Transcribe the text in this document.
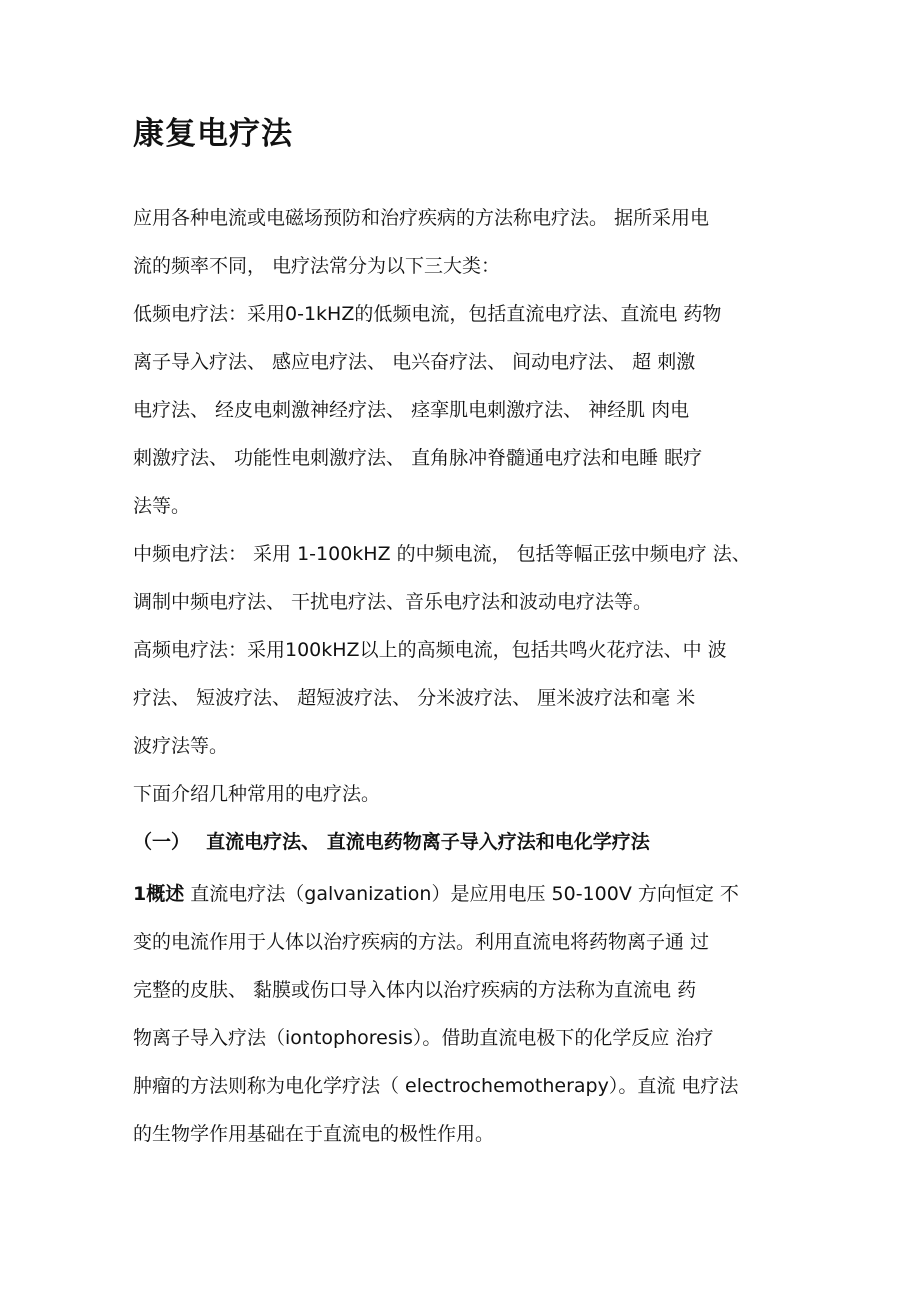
康复电疗法
应用各种电流或电磁场预防和治疗疾病的方法称电疗法。 据所采用电
流的频率不同， 电疗法常分为以下三大类：
低频电疗法：采用0-1kHZ的低频电流，包括直流电疗法、直流电 药物
离子导入疗法、 感应电疗法、 电兴奋疗法、 间动电疗法、 超 刺激
电疗法、 经皮电刺激神经疗法、 痉挛肌电刺激疗法、 神经肌 肉电
刺激疗法、 功能性电刺激疗法、 直角脉冲脊髓通电疗法和电睡 眠疗
法等。
中频电疗法： 采用 1-100kHZ 的中频电流， 包括等幅正弦中频电疗 法、
调制中频电疗法、 干扰电疗法、音乐电疗法和波动电疗法等。
高频电疗法：采用100kHZ以上的高频电流，包括共鸣火花疗法、中 波
疗法、 短波疗法、 超短波疗法、 分米波疗法、 厘米波疗法和毫 米
波疗法等。
下面介绍几种常用的电疗法。
（一）　 直流电疗法、 直流电药物离子导入疗法和电化学疗法
1概述 直流电疗法（galvanization）是应用电压 50-100V 方向恒定 不
变的电流作用于人体以治疗疾病的方法。利用直流电将药物离子通 过
完整的皮肤、 黏膜或伤口导入体内以治疗疾病的方法称为直流电 药
物离子导入疗法（iontophoresis）。借助直流电极下的化学反应 治疗
肿瘤的方法则称为电化学疗法（ electrochemotherapy）。直流 电疗法
的生物学作用基础在于直流电的极性作用。
